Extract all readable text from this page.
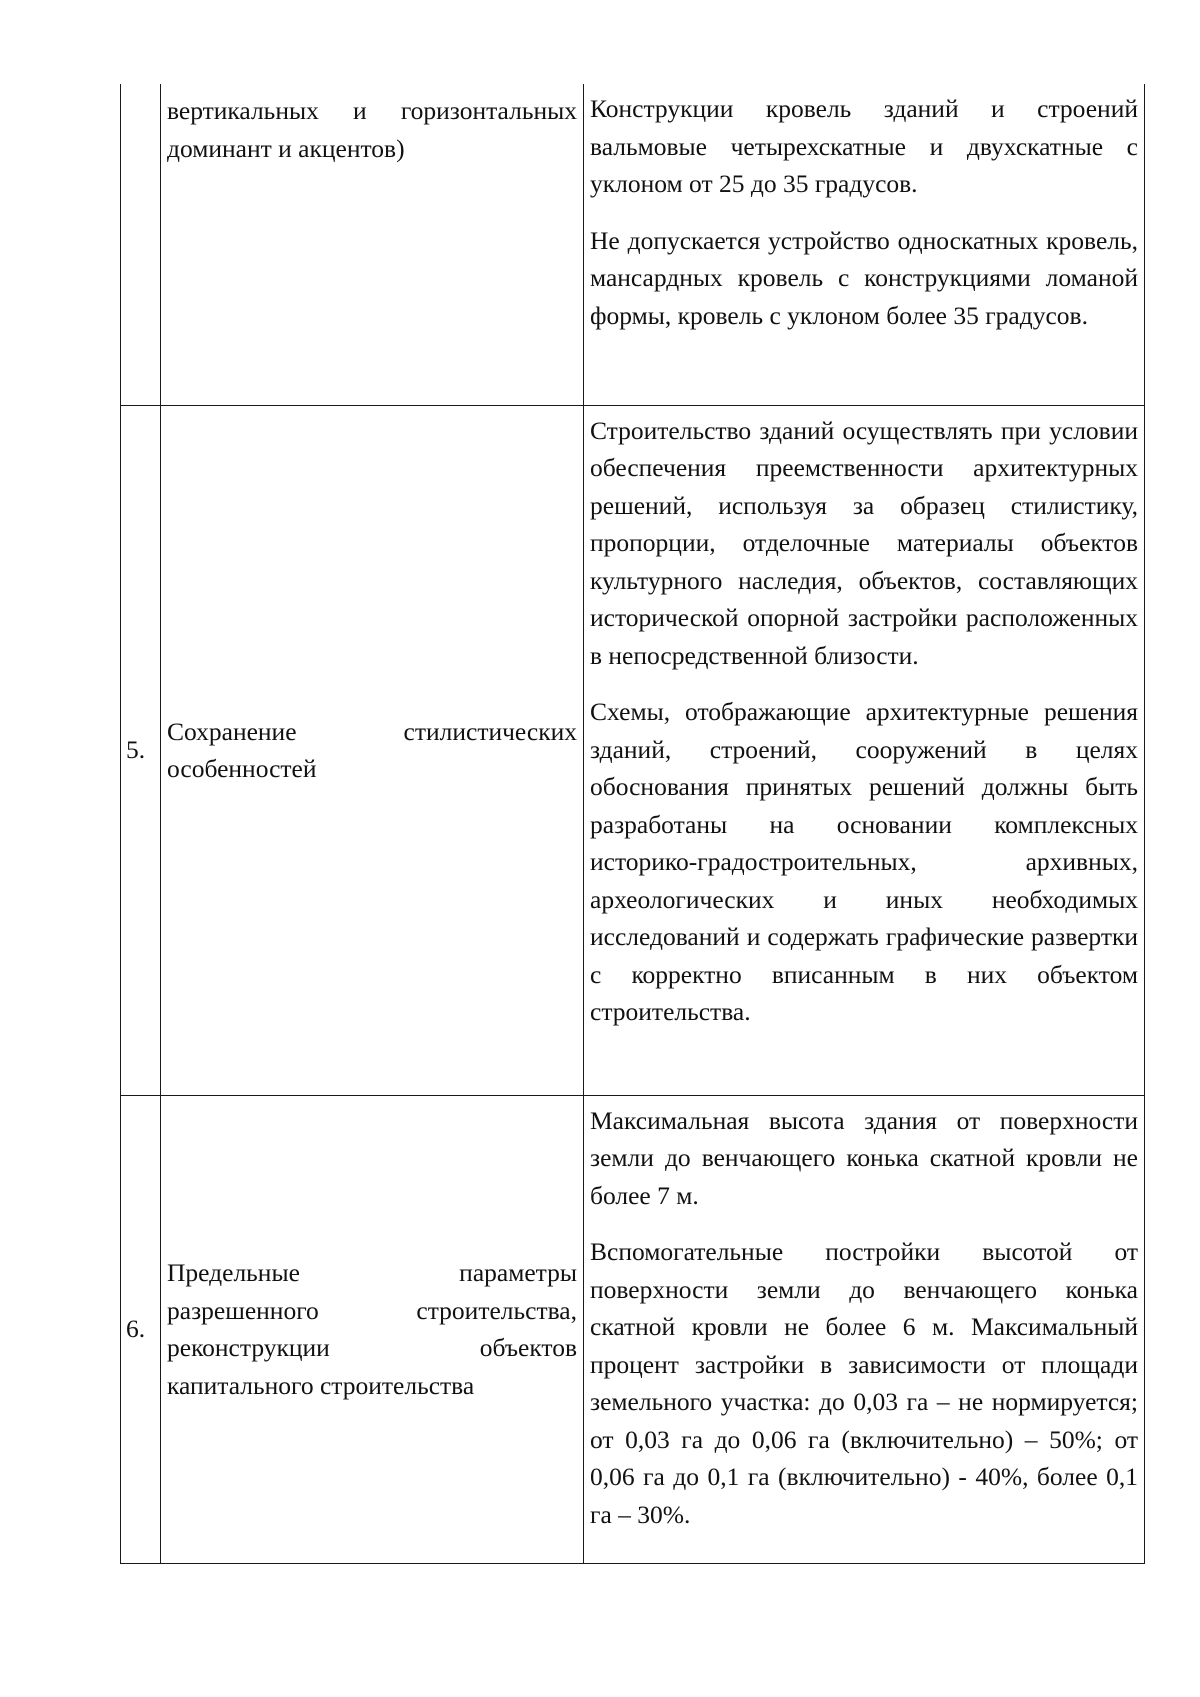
	вертикальных и горизонтальных доминант и акцентов)	Конструкции кровель зданий и строений вальмовые четырехскатные и двухскатные с уклоном от 25 до 35 градусов.

Не допускается устройство односкатных кровель, мансардных кровель с конструкциями ломаной формы, кровель с уклоном более 35 градусов.

5.	Сохранение стилистических особенностей	Строительство зданий осуществлять при условии обеспечения преемственности архитектурных решений, используя за образец стилистику, пропорции, отделочные материалы объектов культурного наследия, объектов, составляющих исторической опорной застройки расположенных в непосредственной близости.

Схемы, отображающие архитектурные решения зданий, строений, сооружений в целях обоснования принятых решений должны быть разработаны на основании комплексных историко-градостроительных, архивных, археологических и иных необходимых исследований и содержать графические развертки с корректно вписанным в них объектом строительства.

6.	Предельные параметры разрешенного строительства, реконструкции объектов капитального строительства	Максимальная высота здания от поверхности земли до венчающего конька скатной кровли не более 7 м.

Вспомогательные постройки высотой от поверхности земли до венчающего конька скатной кровли не более 6 м. Максимальный процент застройки в зависимости от площади земельного участка: до 0,03 га – не нормируется; от 0,03 га до 0,06 га (включительно) – 50%; от 0,06 га до 0,1 га (включительно) - 40%, более 0,1 га – 30%.
